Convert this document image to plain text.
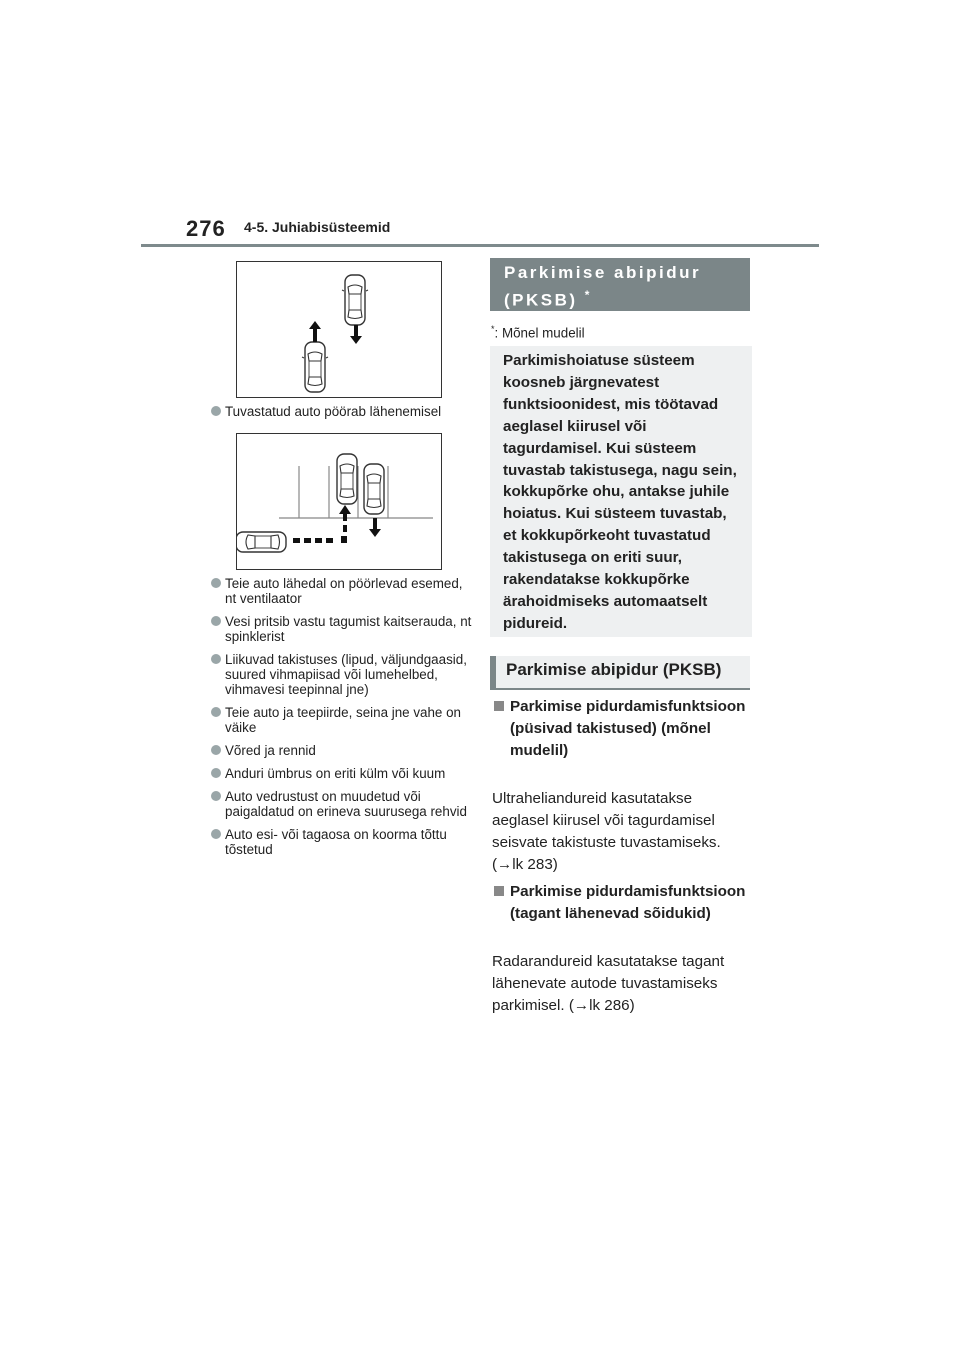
276 4-5. Juhiabisüsteemid
Tuvastatud auto pöörab lähenemisel
Teie auto lähedal on pöörlevad esemed, nt ventilaator
Vesi pritsib vastu tagumist kaitserauda, nt spinklerist
Liikuvad takistuses (lipud, väljundgaasid, suured vihmapiisad või lumehelbed, vihmavesi teepinnal jne)
Teie auto ja teepiirde, seina jne vahe on väike
Võred ja rennid
Anduri ümbrus on eriti külm või kuum
Auto vedrustust on muudetud või paigaldatud on erineva suurusega rehvid
Auto esi- või tagaosa on koorma tõttu tõstetud
Parkimise abipidur
(PKSB) *
*: Mõnel mudelil

Parkimishoiatuse süsteem koosneb järgnevatest funktsioonidest, mis töötavad aeglasel kiirusel või tagurdamisel. Kui süsteem tuvastab takistusega, nagu sein, kokkupõrke ohu, antakse juhile hoiatus. Kui süsteem tuvastab, et kokkupõrkeoht tuvastatud takistusega on eriti suur, rakendatakse kokkupõrke ärahoidmiseks automaatselt pidureid.

Parkimise abipidur (PKSB)
Parkimise pidurdamisfunktsioon (püsivad takistused) (mõnel mudelil)

Ultraheliandureid kasutatakse aeglasel kiirusel või tagurdamisel seisvate takistuste tuvastamiseks.
(→lk 283)

Parkimise pidurdamisfunktsioon (tagant lähenevad sõidukid)

Radarandureid kasutatakse tagant lähenevate autode tuvastamiseks parkimisel. (→lk 286)
